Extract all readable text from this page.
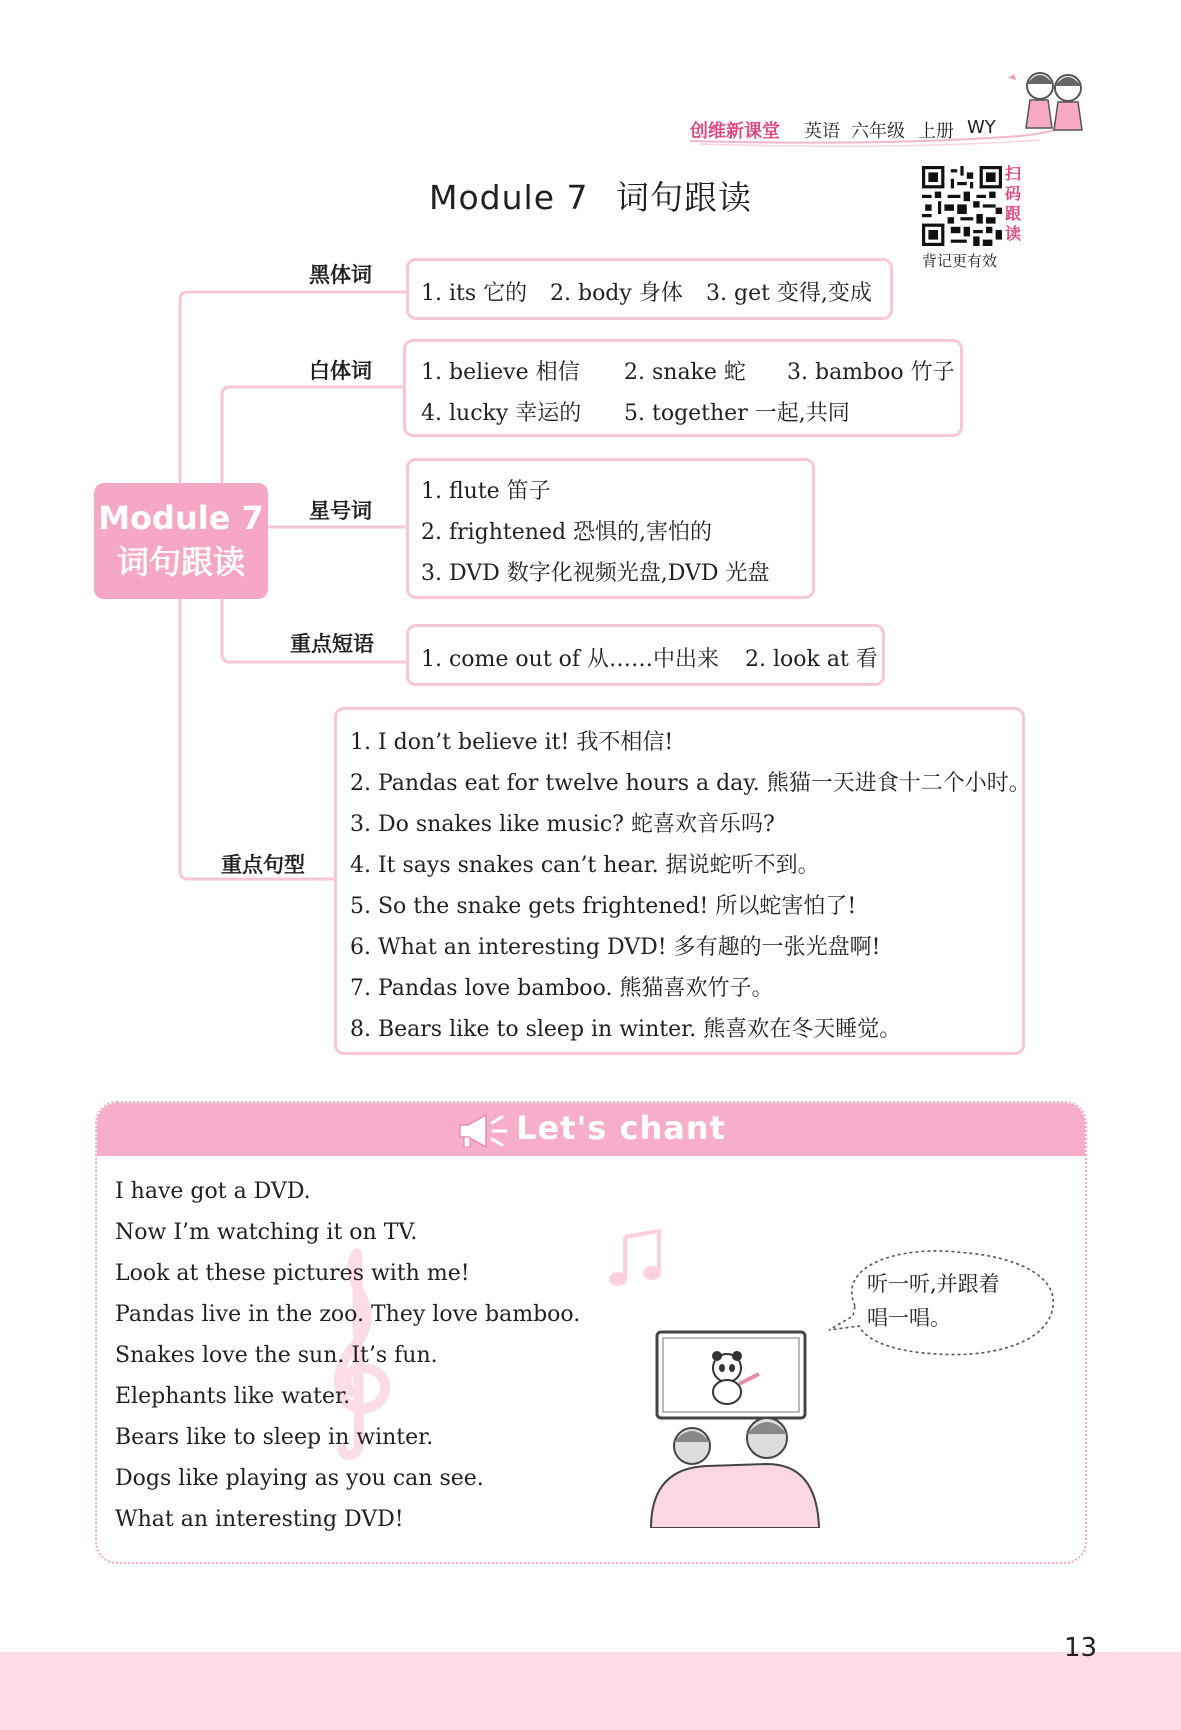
创维新课堂 英语 六年级 上册 WY
Module 7 词句跟读
扫
码
跟
读
背记更有效
Module 7
词句跟读
黑体词
1. its 它的 2. body 身体 3. get 变得,变成
白体词 1. believe 相信 2. snake 蛇 3. bamboo 竹子
4. lucky 幸运的 5. together 一起,共同
星号词
1. flute 笛子
2. frightened 恐惧的,害怕的
3. DVD 数字化视频光盘,DVD 光盘
重点短语
1. come out of 从……中出来 2. look at 看
重点句型
1. I don’t believe it! 我不相信!
2. Pandas eat for twelve hours a day. 熊猫一天进食十二个小时。
3. Do snakes like music? 蛇喜欢音乐吗?
4. It says snakes can’t hear. 据说蛇听不到。
5. So the snake gets frightened! 所以蛇害怕了!
6. What an interesting DVD! 多有趣的一张光盘啊!
7. Pandas love bamboo. 熊猫喜欢竹子。
8. Bears like to sleep in winter. 熊喜欢在冬天睡觉。
Let's chant
I have got a DVD.
Now I’m watching it on TV.
Look at these pictures with me!
Pandas live in the zoo. They love bamboo.
Snakes love the sun. It’s fun.
Elephants like water.
Bears like to sleep in winter.
Dogs like playing as you can see.
What an interesting DVD!
听一听,并跟着
唱一唱。
13
